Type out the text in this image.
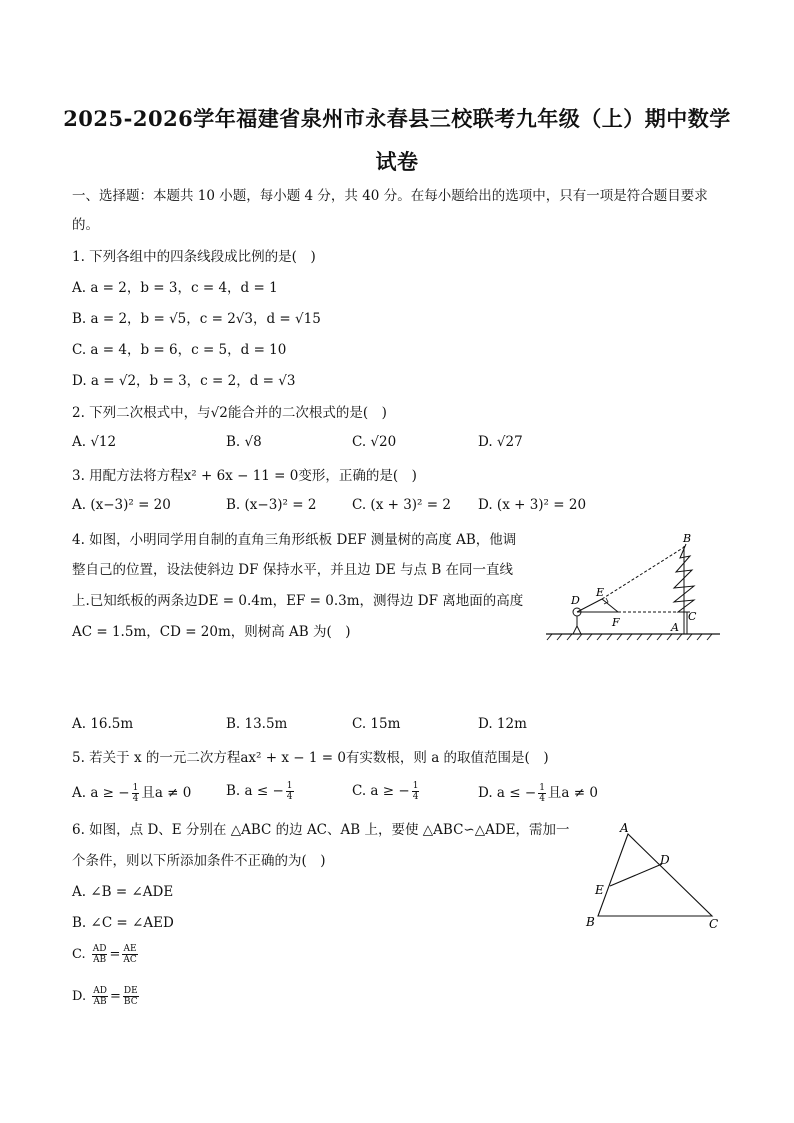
2025-2026学年福建省泉州市永春县三校联考九年级（上）期中数学
试卷
一、选择题：本题共 10 小题，每小题 4 分，共 40 分。在每小题给出的选项中，只有一项是符合题目要求
的。
1. 下列各组中的四条线段成比例的是(　)
A. a = 2，b = 3，c = 4，d = 1
B. a = 2，b = √5，c = 2√3，d = √15
C. a = 4，b = 6，c = 5，d = 10
D. a = √2，b = 3，c = 2，d = √3
2. 下列二次根式中，与√2能合并的二次根式的是(　)
A. √12	B. √8	C. √20	D. √27
3. 用配方法将方程x² + 6x − 11 = 0变形，正确的是(　)
A. (x−3)² = 20	B. (x−3)² = 2	C. (x + 3)² = 2 D. (x + 3)² = 20
4. 如图，小明同学用自制的直角三角形纸板 DEF 测量树的高度 AB，他调
整自己的位置，设法使斜边 DF 保持水平，并且边 DE 与点 B 在同一直线
上.已知纸板的两条边DE = 0.4m，EF = 0.3m，测得边 DF 离地面的高度
AC = 1.5m，CD = 20m，则树高 AB 为(　)
A. 16.5m	B. 13.5m	C. 15m	D. 12m
B
E
D
F	C
A
5. 若关于 x 的一元二次方程ax² + x − 1 = 0有实数根，则 a 的取值范围是(　)
A. a ≥ − $\frac{1}{4}$ 且a ≠ 0	B. a ≤ − $\frac{1}{4}$	C. a ≥ − $\frac{1}{4}$	D. a ≤ − $\frac{1}{4}$ 且a ≠ 0
6. 如图，点 D、E 分别在 △ABC 的边 AC、AB 上，要使 △ABC∽△ADE，需加一
个条件，则以下所添加条件不正确的为(　)
A. ∠B = ∠ADE
B. ∠C = ∠AED
C. $\frac{AD}{AB} = \frac{AE}{AC}$
D. $\frac{AD}{AB} = \frac{DE}{BC}$
A
D
E
B	C
